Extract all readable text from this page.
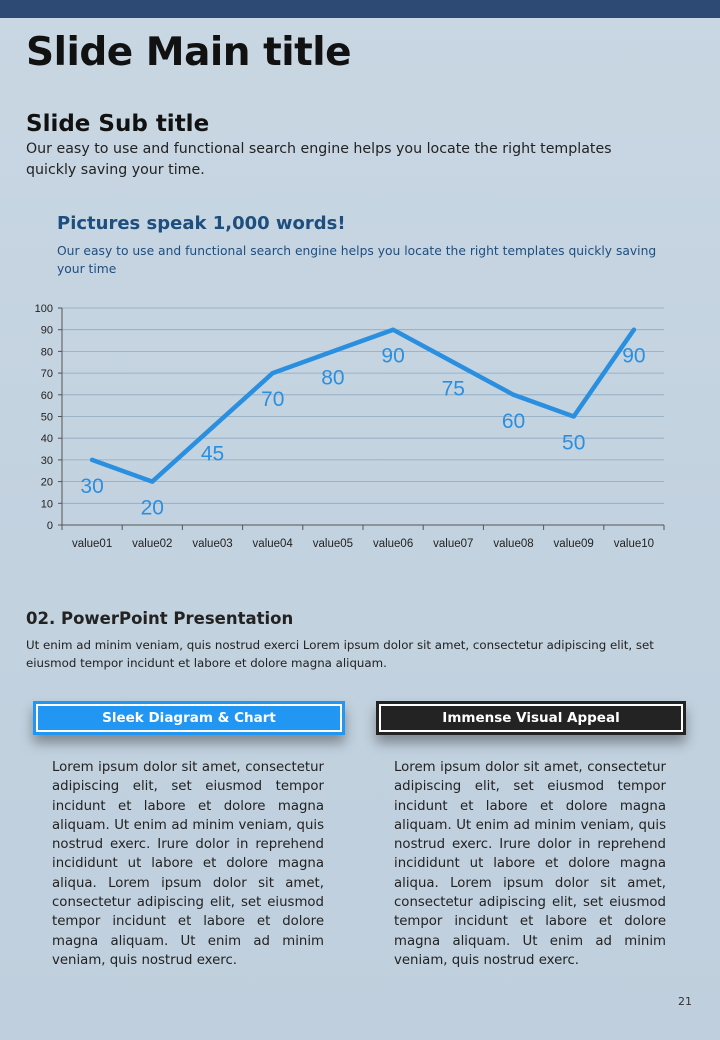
Slide Main title
Slide Sub title
Our easy to use and functional search engine helps you locate the right templates quickly saving your time.
Pictures speak 1,000 words!
Our easy to use and functional search engine helps you locate the right templates quickly saving your time
0
10
20
30
40
50
60
70
80
90
100
value01 value02 value03 value04 value05 value06 value07 value08 value09 value10
30
20
45
70
80
90
75
60
50
90
02. PowerPoint Presentation
Ut enim ad minim veniam, quis nostrud exerci Lorem ipsum dolor sit amet, consectetur adipiscing elit, set eiusmod tempor incidunt et labore et dolore magna aliquam.
Sleek Diagram & Chart	Immense Visual Appeal
Lorem ipsum dolor sit amet, consectetur adipiscing elit, set eiusmod tempor incidunt et labore et dolore magna aliquam. Ut enim ad minim veniam, quis nostrud exerc. Irure dolor in reprehend incididunt ut labore et dolore magna aliqua. Lorem ipsum dolor sit amet, consectetur adipiscing elit, set eiusmod tempor incidunt et labore et dolore magna aliquam. Ut enim ad minim veniam, quis nostrud exerc.
Lorem ipsum dolor sit amet, consectetur adipiscing elit, set eiusmod tempor incidunt et labore et dolore magna aliquam. Ut enim ad minim veniam, quis nostrud exerc. Irure dolor in reprehend incididunt ut labore et dolore magna aliqua. Lorem ipsum dolor sit amet, consectetur adipiscing elit, set eiusmod tempor incidunt et labore et dolore magna aliquam. Ut enim ad minim veniam, quis nostrud exerc.
21
